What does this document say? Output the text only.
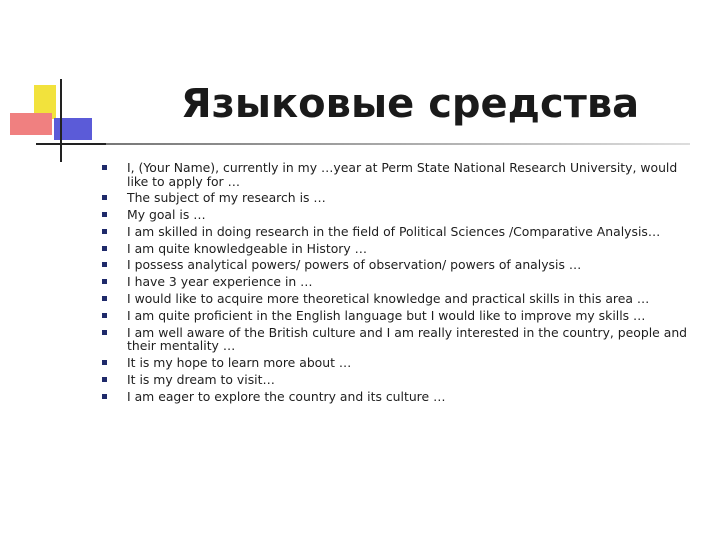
Языковые средства
I, (Your Name), currently in my …year at Perm State National Research University, would like to apply for …
The subject of my research is …
My goal is …
I am skilled in doing research in the field of Political Sciences /Comparative Analysis…
I am quite knowledgeable in History …
I possess analytical powers/ powers of observation/ powers of analysis …
I have 3 year experience in …
I would like to acquire more theoretical knowledge and practical skills in this area …
I am quite proficient in the English language but I would like to improve my skills …
I am well aware of the British culture and I am really interested in the country, people and their mentality …
It is my hope to learn more about …
It is my dream to visit…
I am eager to explore the country and its culture …
